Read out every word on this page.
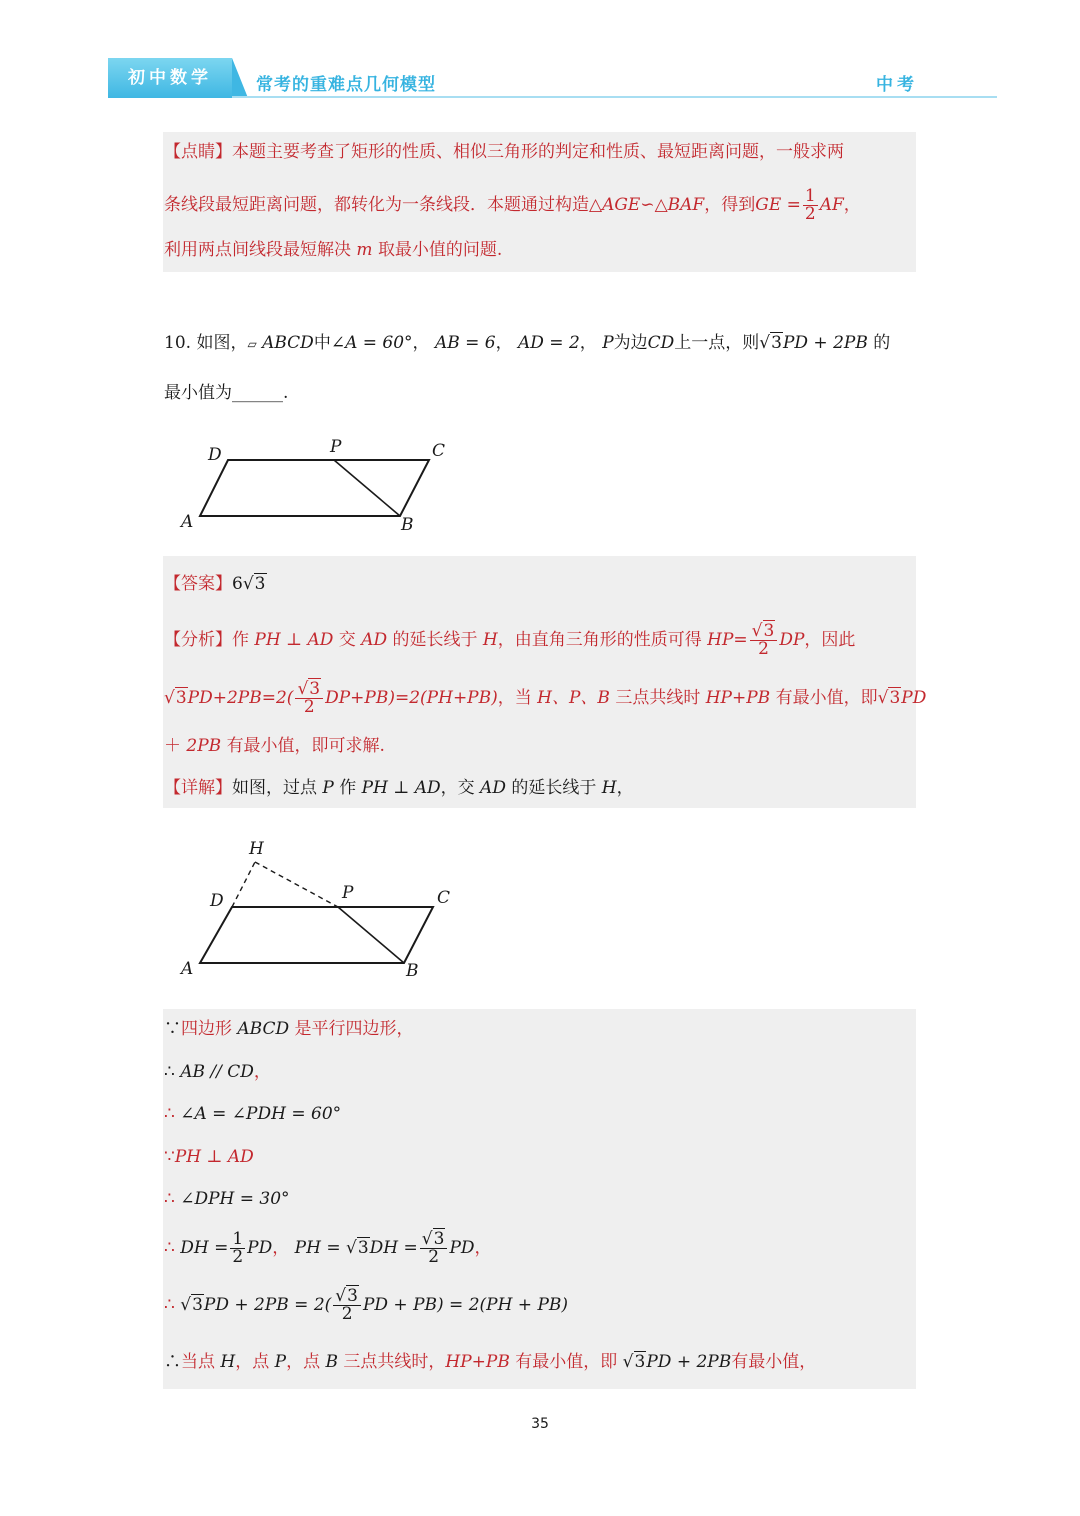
初中数学	常考的重难点几何模型	中考
【点睛】本题主要考查了矩形的性质、相似三角形的判定和性质、最短距离问题，一般求两
条线段最短距离问题，都转化为一条线段．本题通过构造△AGE∽△BAF，得到GE = $\frac{1}{2}$ AF，
利用两点间线段最短解决 m 取最小值的问题.
10. 如图，▱ ABCD中∠A = 60°， AB = 6， AD = 2， P为边CD上一点，则√3PD + 2PB 的
最小值为______.
D	P	C
A	B
【答案】6√3
【分析】作 PH ⊥ AD 交 AD 的延长线于 H，由直角三角形的性质可得 $HP= \frac{√3}{2}$ DP，因此
$√3PD+2PB=2( \frac{√3}{2} DP+PB)=2(PH+PB)$，当 H、P、B 三点共线时 HP+PB 有最小值，即√3PD
＋ 2PB 有最小值，即可求解.
【详解】如图，过点 P 作 PH ⊥ AD，交 AD 的延长线于 H，
H
D	P	C
A	B
∵四边形 ABCD 是平行四边形，
∴ AB // CD，
∴ ∠A = ∠PDH = 60°
∵PH ⊥ AD
∴ ∠DPH = 30°
∴ DH = $\frac{1}{2}$ PD， PH = $√3DH = \frac{√3}{2}$ PD，
∴ $√3PD + 2PB = 2( \frac{√3}{2}$ PD + PB) = 2(PH + PB)
∴当点 H，点 P，点 B 三点共线时，HP+PB 有最小值，即 √3PD + 2PB有最小值，
35
